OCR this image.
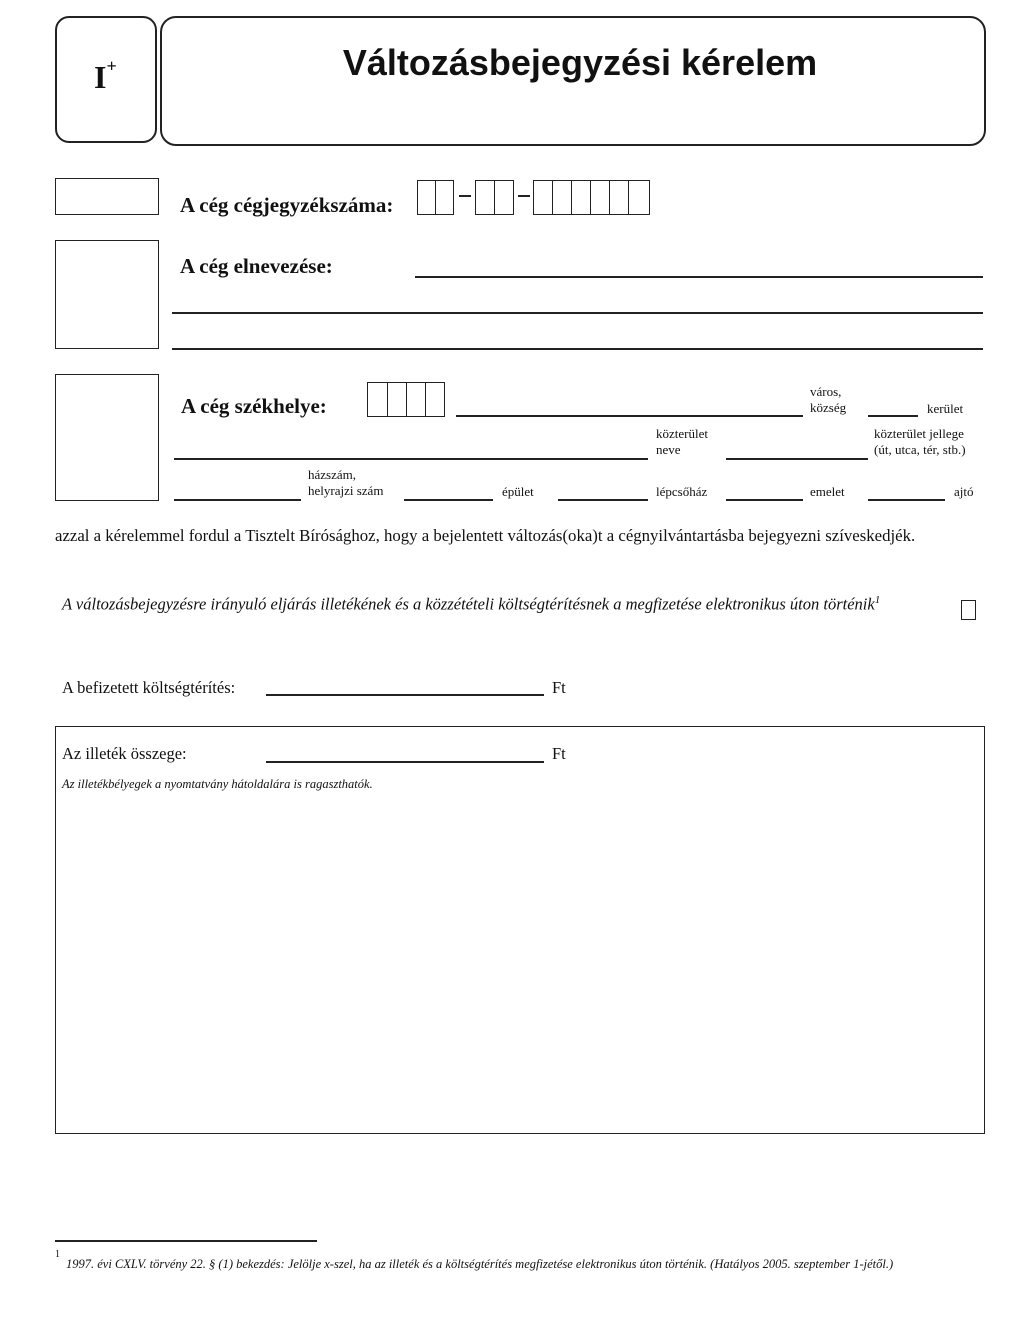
I+	Változásbejegyzési kérelem
A cég cégjegyzékszáma:
A cég elnevezése:
A cég székhelye:
város,
község	kerület
közterület
neve
közterület jellege
(út, utca, tér, stb.)
házszám,
helyrajzi szám	épület	lépcsőház	emelet	ajtó
azzal a kérelemmel fordul a Tisztelt Bírósághoz, hogy a bejelentett változás(oka)t a cégnyilvántartásba bejegyezni szíveskedjék.
A változásbejegyzésre irányuló eljárás illetékének és a közzétételi költségtérítésnek a megfizetése elektronikus úton történik$^1$
A befizetett költségtérítés:	Ft
Az illeték összege:	Ft
Az illetékbélyegek a nyomtatvány hátoldalára is ragaszthatók.
1
1997. évi CXLV. törvény 22. § (1) bekezdés: Jelölje x-szel, ha az illeték és a költségtérítés megfizetése elektronikus úton történik. (Hatályos 2005. szeptember 1-jétől.)
